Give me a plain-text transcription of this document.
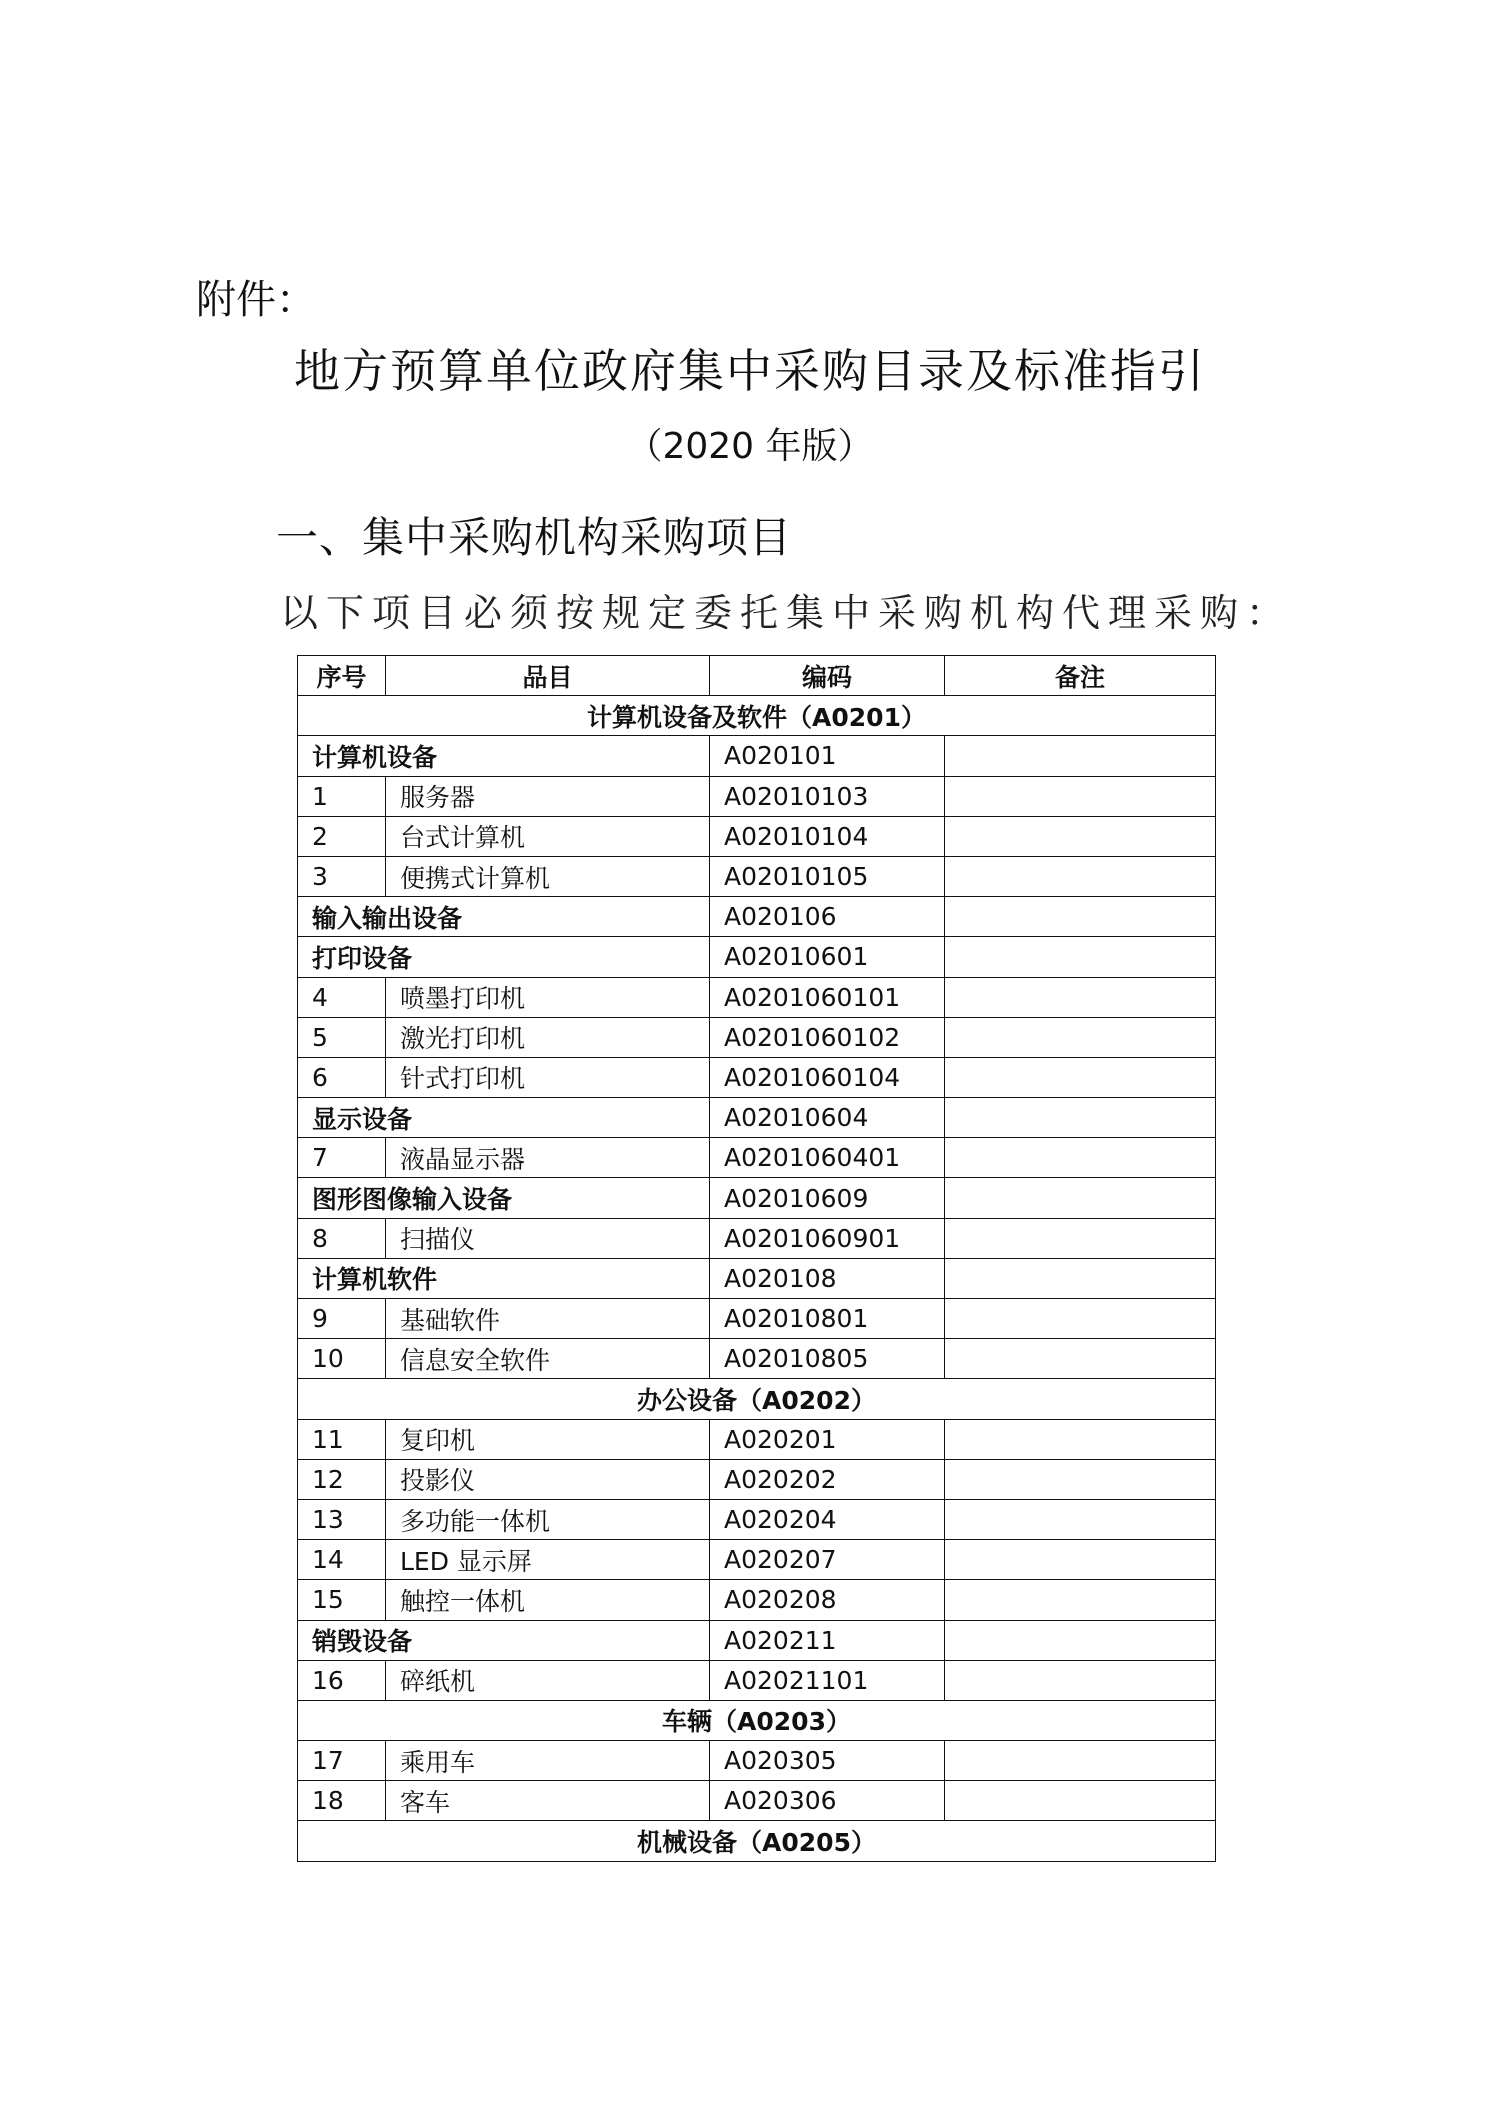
附件：
地方预算单位政府集中采购目录及标准指引
（2020 年版）
一、集中采购机构采购项目
以下项目必须按规定委托集中采购机构代理采购：
序号	品目	编码	备注
计算机设备及软件（A0201）			
计算机设备		A020101	
1	服务器	A02010103	
2	台式计算机	A02010104	
3	便携式计算机	A02010105	
输入输出设备		A020106	
打印设备		A02010601	
4	喷墨打印机	A0201060101	
5	激光打印机	A0201060102	
6	针式打印机	A0201060104	
显示设备		A02010604	
7	液晶显示器	A0201060401	
图形图像输入设备		A02010609	
8	扫描仪	A0201060901	
计算机软件		A020108	
9	基础软件	A02010801	
10	信息安全软件	A02010805	
办公设备（A0202）			
11	复印机	A020201	
12	投影仪	A020202	
13	多功能一体机	A020204	
14	LED 显示屏	A020207	
15	触控一体机	A020208	
销毁设备		A020211	
16	碎纸机	A02021101	
车辆（A0203）			
17	乘用车	A020305	
18	客车	A020306	
机械设备（A0205）			
